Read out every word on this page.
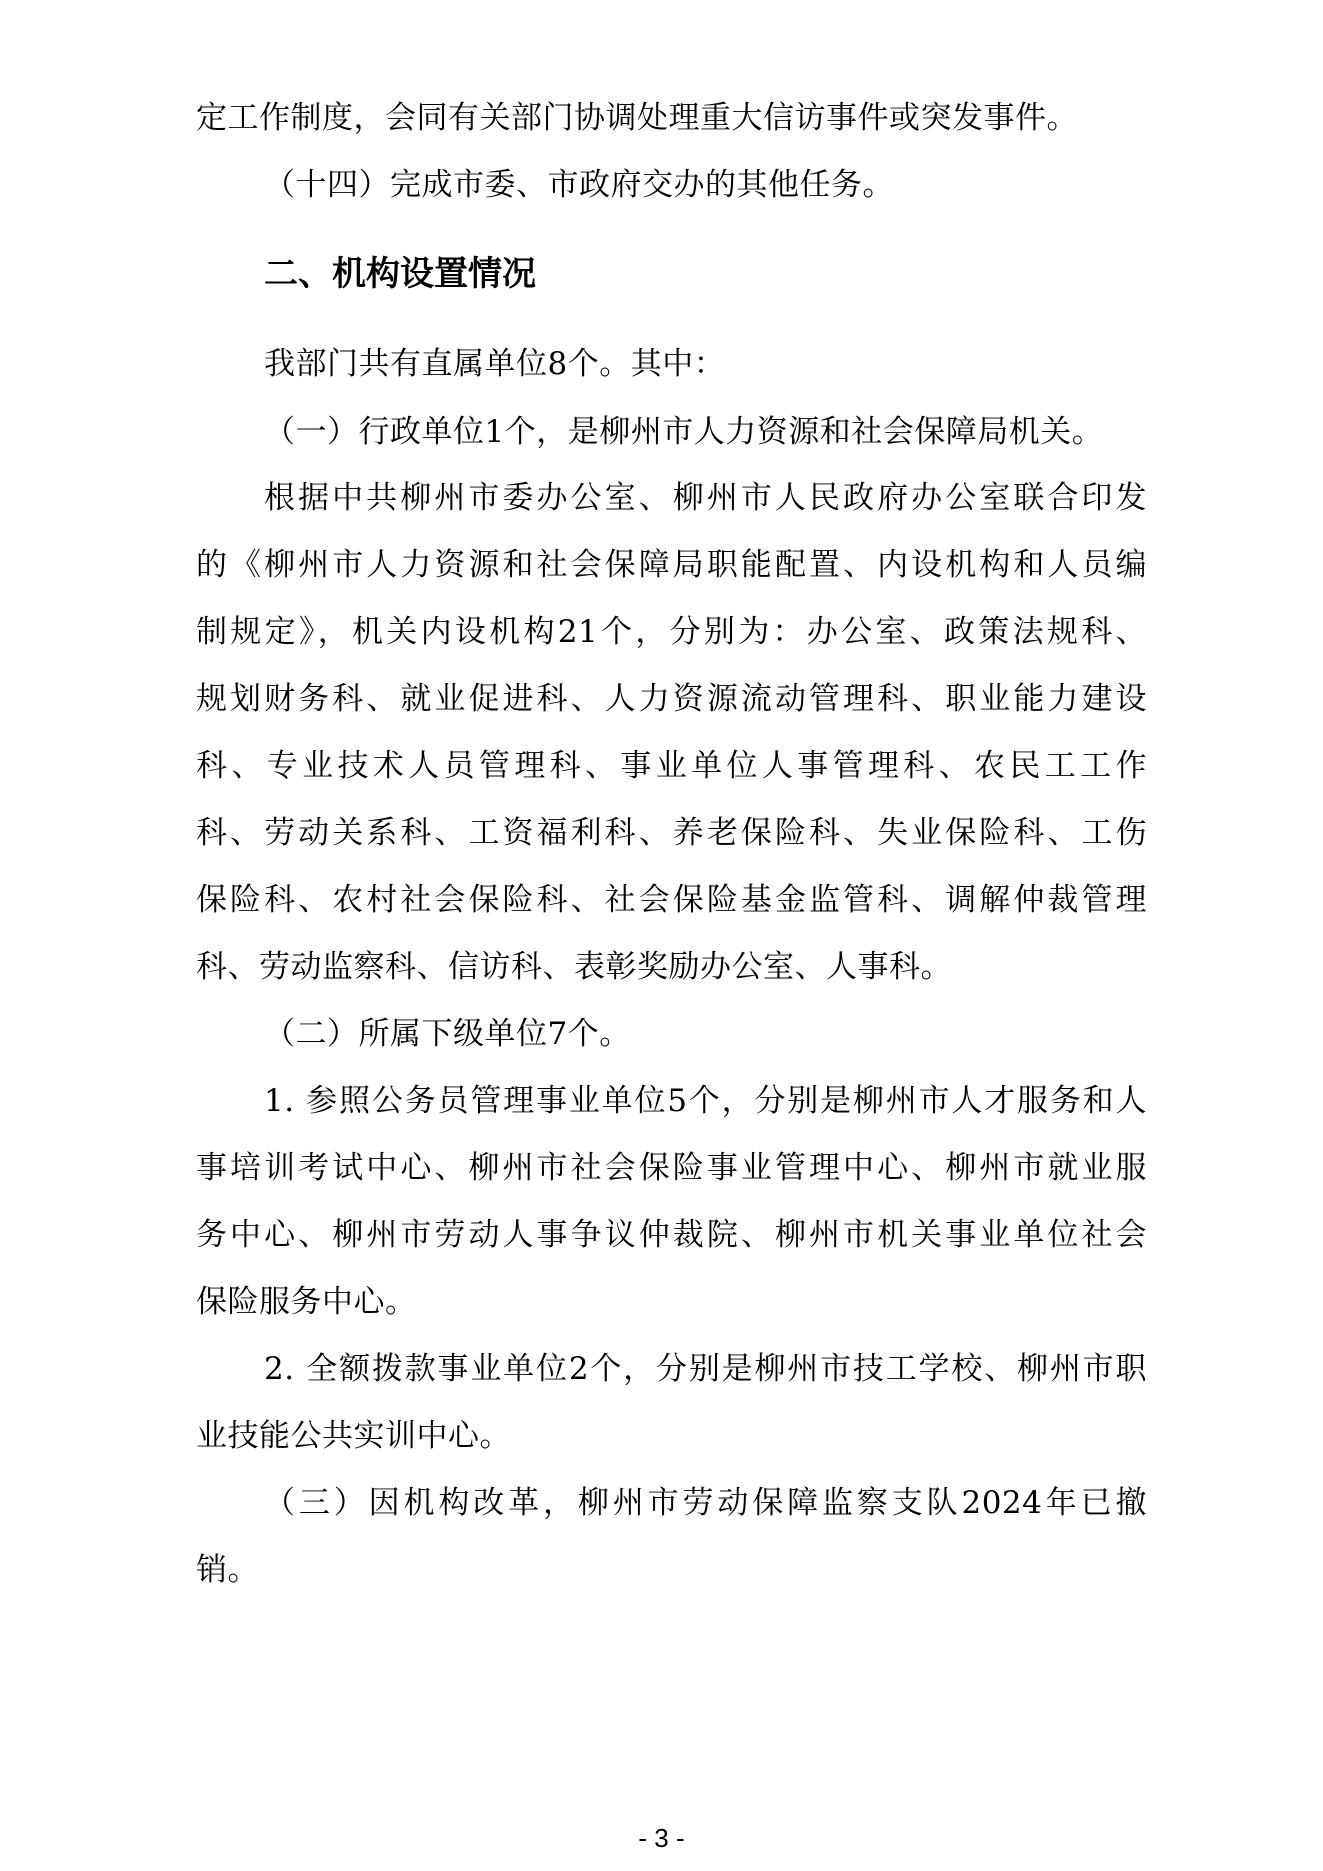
定工作制度，会同有关部门协调处理重大信访事件或突发事件。
（十四）完成市委、市政府交办的其他任务。
二、机构设置情况
我部门共有直属单位8个。其中：
（一）行政单位1个，是柳州市人力资源和社会保障局机关。
根据中共柳州市委办公室、柳州市人民政府办公室联合印发
的《柳州市人力资源和社会保障局职能配置、内设机构和人员编
制规定》，机关内设机构21个，分别为：办公室、政策法规科、
规划财务科、就业促进科、人力资源流动管理科、职业能力建设
科、专业技术人员管理科、事业单位人事管理科、农民工工作
科、劳动关系科、工资福利科、养老保险科、失业保险科、工伤
保险科、农村社会保险科、社会保险基金监管科、调解仲裁管理
科、劳动监察科、信访科、表彰奖励办公室、人事科。
（二）所属下级单位7个。
1. 参照公务员管理事业单位5个，分别是柳州市人才服务和人
事培训考试中心、柳州市社会保险事业管理中心、柳州市就业服
务中心、柳州市劳动人事争议仲裁院、柳州市机关事业单位社会
保险服务中心。
2. 全额拨款事业单位2个，分别是柳州市技工学校、柳州市职
业技能公共实训中心。
（三）因机构改革，柳州市劳动保障监察支队2024年已撤
销。
- 3 -
